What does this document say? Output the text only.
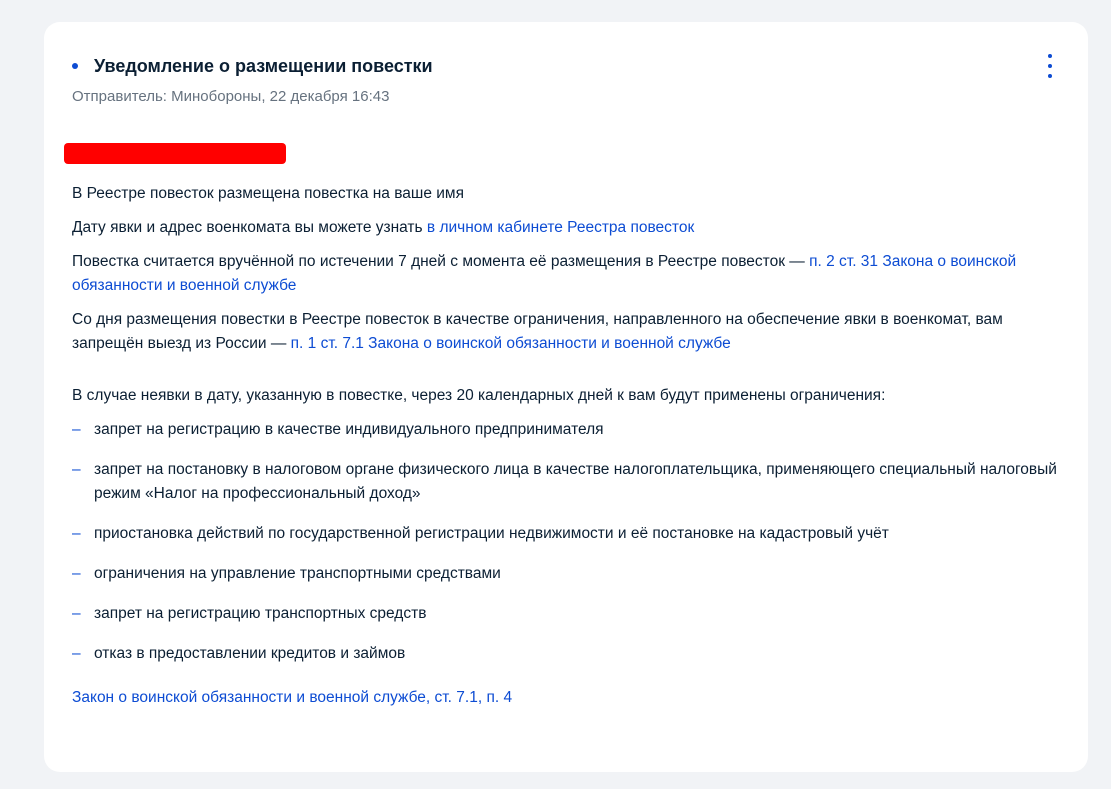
Уведомление о размещении повестки
Отправитель: Минобороны, 22 декабря 16:43

В Реестре повесток размещена повестка на ваше имя

Дату явки и адрес военкомата вы можете узнать в личном кабинете Реестра повесток

Повестка считается вручённой по истечении 7 дней с момента её размещения в Реестре повесток — п. 2 ст. 31 Закона о воинской обязанности и военной службе

Со дня размещения повестки в Реестре повесток в качестве ограничения, направленного на обеспечение явки в военкомат, вам запрещён выезд из России — п. 1 ст. 7.1 Закона о воинской обязанности и военной службе

В случае неявки в дату, указанную в повестке, через 20 календарных дней к вам будут применены ограничения:

– запрет на регистрацию в качестве индивидуального предпринимателя
– запрет на постановку в налоговом органе физического лица в качестве налогоплательщика, применяющего специальный налоговый режим «Налог на профессиональный доход»
– приостановка действий по государственной регистрации недвижимости и её постановке на кадастровый учёт
– ограничения на управление транспортными средствами
– запрет на регистрацию транспортных средств
– отказ в предоставлении кредитов и займов
Закон о воинской обязанности и военной службе, ст. 7.1, п. 4
